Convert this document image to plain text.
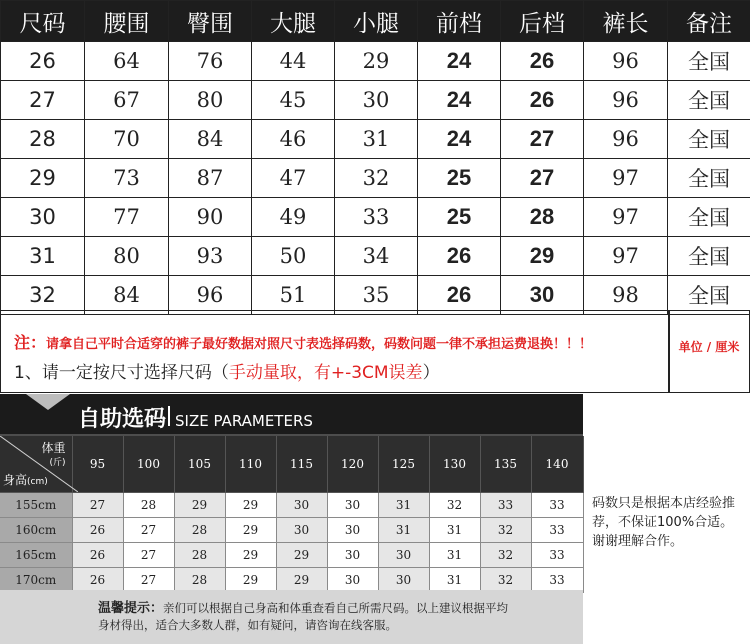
尺码	腰围	臀围	大腿	小腿	前档	后档	裤长	备注
26	64	76	44	29	24	26	96	全国
27	67	80	45	30	24	26	96	全国
28	70	84	46	31	24	27	96	全国
29	73	87	47	32	25	27	97	全国
30	77	90	49	33	25	28	97	全国
31	80	93	50	34	26	29	97	全国
32	84	96	51	35	26	30	98	全国
注：请拿自己平时合适穿的裤子最好数据对照尺寸表选择码数，码数问题一律不承担运费退换！！！
1、请一定按尺寸选择尺码（手动量取，有+-3CM误差）
单位 / 厘米
自助选码 SIZE PARAMETERS
体重
(斤)
身高(cm)	95	100	105	110	115	120	125	130	135	140
155cm	27	28	29	29	30	30	31	32	33	33
160cm	26	27	28	29	30	30	31	31	32	33
165cm	26	27	28	29	29	30	30	31	32	33
170cm	26	27	28	29	29	30	30	31	32	33
温馨提示：亲们可以根据自己身高和体重查看自己所需尺码。以上建议根据平均
身材得出，适合大多数人群，如有疑问，请咨询在线客服。
码数只是根据本店经验推荐，不保证100%合适。谢谢理解合作。
